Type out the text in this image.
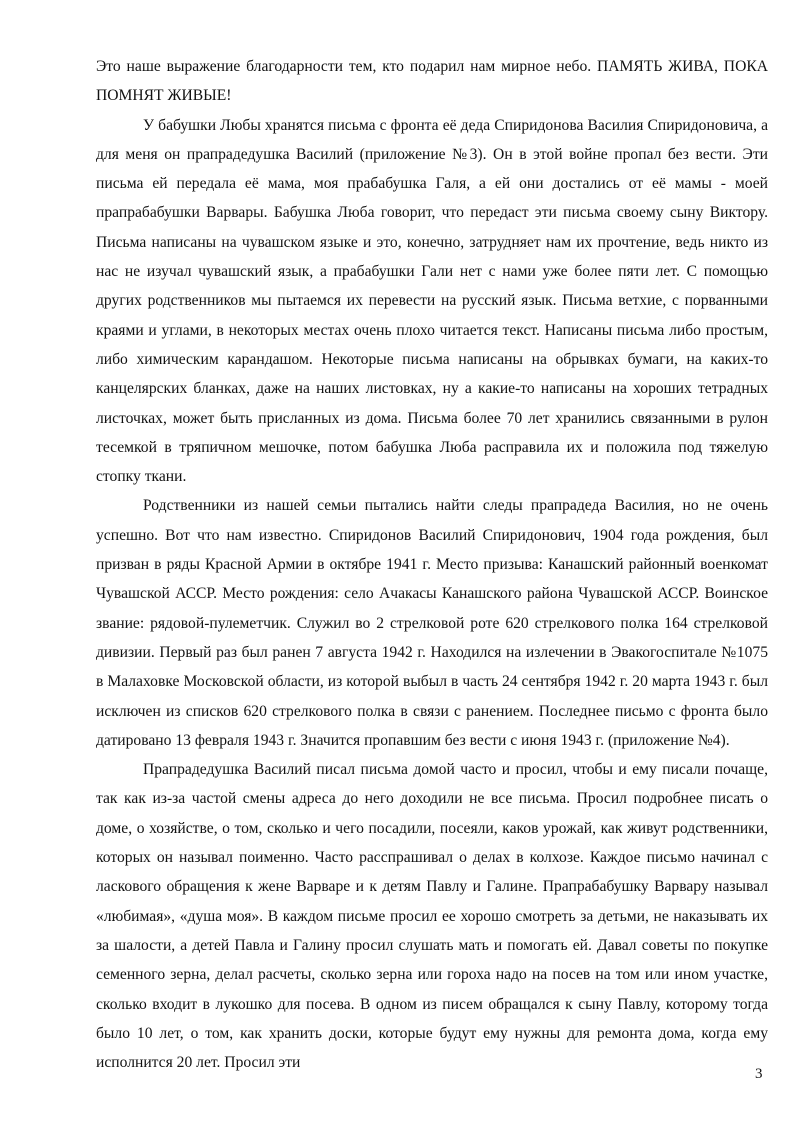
Это наше выражение благодарности тем, кто подарил нам мирное небо. ПАМЯТЬ ЖИВА, ПОКА ПОМНЯТ ЖИВЫЕ!

У бабушки Любы хранятся письма с фронта её деда Спиридонова Василия Спиридоновича, а для меня он прапрадедушка Василий (приложение №3). Он в этой войне пропал без вести. Эти письма ей передала её мама, моя прабабушка Галя, а ей они достались от её мамы - моей прапрабабушки Варвары. Бабушка Люба говорит, что передаст эти письма своему сыну Виктору. Письма написаны на чувашском языке и это, конечно, затрудняет нам их прочтение, ведь никто из нас не изучал чувашский язык, а прабабушки Гали нет с нами уже более пяти лет. С помощью других родственников мы пытаемся их перевести на русский язык. Письма ветхие, с порванными краями и углами, в некоторых местах очень плохо читается текст. Написаны письма либо простым, либо химическим карандашом. Некоторые письма написаны на обрывках бумаги, на каких-то канцелярских бланках, даже на наших листовках, ну а какие-то написаны на хороших тетрадных листочках, может быть присланных из дома. Письма более 70 лет хранились связанными в рулон тесемкой в тряпичном мешочке, потом бабушка Люба расправила их и положила под тяжелую стопку ткани.

Родственники из нашей семьи пытались найти следы прапрадеда Василия, но не очень успешно. Вот что нам известно. Спиридонов Василий Спиридонович, 1904 года рождения, был призван в ряды Красной Армии в октябре 1941 г. Место призыва: Канашский районный военкомат Чувашской АССР. Место рождения: село Ачакасы Канашского района Чувашской АССР. Воинское звание: рядовой-пулеметчик. Служил во 2 стрелковой роте 620 стрелкового полка 164 стрелковой дивизии. Первый раз был ранен 7 августа 1942 г. Находился на излечении в Эвакогоспитале №1075 в Малаховке Московской области, из которой выбыл в часть 24 сентября 1942 г. 20 марта 1943 г. был исключен из списков 620 стрелкового полка в связи с ранением. Последнее письмо с фронта было датировано 13 февраля 1943 г. Значится пропавшим без вести с июня 1943 г. (приложение №4).

Прапрадедушка Василий писал письма домой часто и просил, чтобы и ему писали почаще, так как из-за частой смены адреса до него доходили не все письма. Просил подробнее писать о доме, о хозяйстве, о том, сколько и чего посадили, посеяли, каков урожай, как живут родственники, которых он называл поименно. Часто расспрашивал о делах в колхозе. Каждое письмо начинал с ласкового обращения к жене Варваре и к детям Павлу и Галине. Прапрабабушку Варвару называл «любимая», «душа моя». В каждом письме просил ее хорошо смотреть за детьми, не наказывать их за шалости, а детей Павла и Галину просил слушать мать и помогать ей. Давал советы по покупке семенного зерна, делал расчеты, сколько зерна или гороха надо на посев на том или ином участке, сколько входит в лукошко для посева. В одном из писем обращался к сыну Павлу, которому тогда было 10 лет, о том, как хранить доски, которые будут ему нужны для ремонта дома, когда ему исполнится 20 лет. Просил эти

3
